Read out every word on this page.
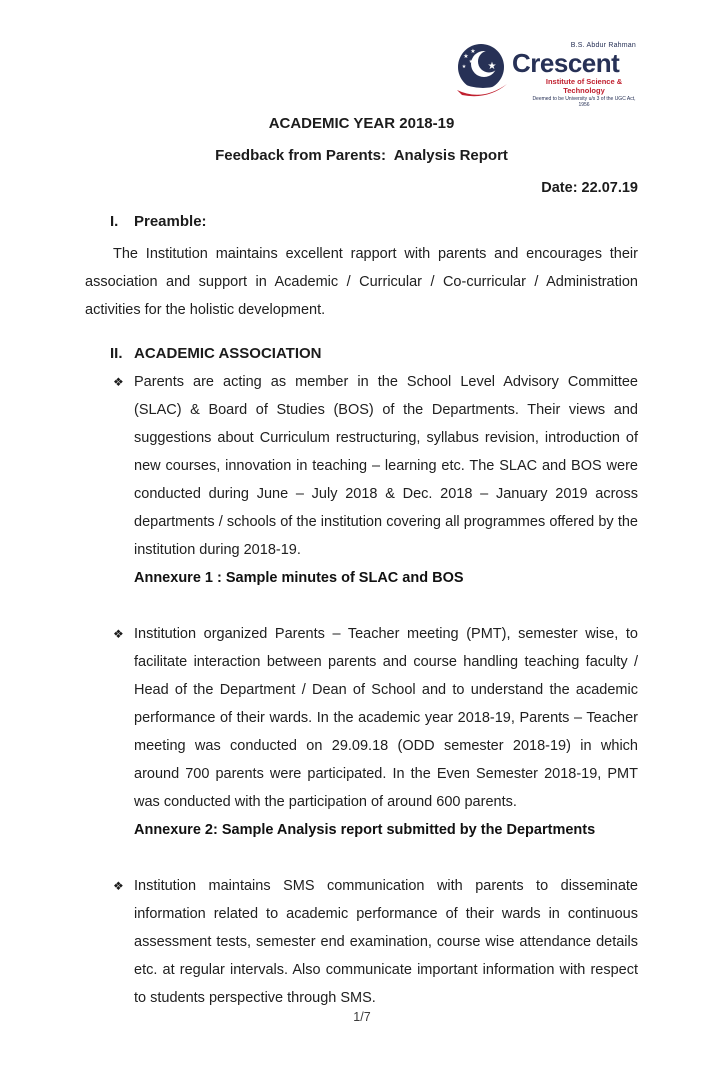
★
★
★
★
★
B.S. Abdur Rahman
Crescent
Institute of Science & Technology
Deemed to be University u/s 3 of the UGC Act, 1956
ACADEMIC YEAR 2018-19
Feedback from Parents:  Analysis Report
Date: 22.07.19
I.	Preamble:

The Institution maintains excellent rapport with parents and encourages their association and support in Academic / Curricular / Co-curricular / Administration activities for the holistic development.

II. ACADEMIC ASSOCIATION
❖ Parents are acting as member in the School Level Advisory Committee (SLAC) & Board of Studies (BOS) of the Departments. Their views and suggestions about Curriculum restructuring, syllabus revision, introduction of new courses, innovation in teaching – learning etc. The SLAC and BOS were conducted during June – July 2018 & Dec. 2018 – January 2019 across departments / schools of the institution covering all programmes offered by the institution during 2018-19.
Annexure 1 : Sample minutes of SLAC and BOS
❖ Institution organized Parents – Teacher meeting (PMT), semester wise, to facilitate interaction between parents and course handling teaching faculty / Head of the Department / Dean of School and to understand the academic performance of their wards. In the academic year 2018-19, Parents – Teacher meeting was conducted on 29.09.18 (ODD semester 2018-19) in which around 700 parents were participated. In the Even Semester 2018-19, PMT was conducted with the participation of around 600 parents.
Annexure 2: Sample Analysis report submitted by the Departments
❖ Institution maintains SMS communication with parents to disseminate information related to academic performance of their wards in continuous assessment tests, semester end examination, course wise attendance details etc. at regular intervals. Also communicate important information with respect to students perspective through SMS.
1/7
